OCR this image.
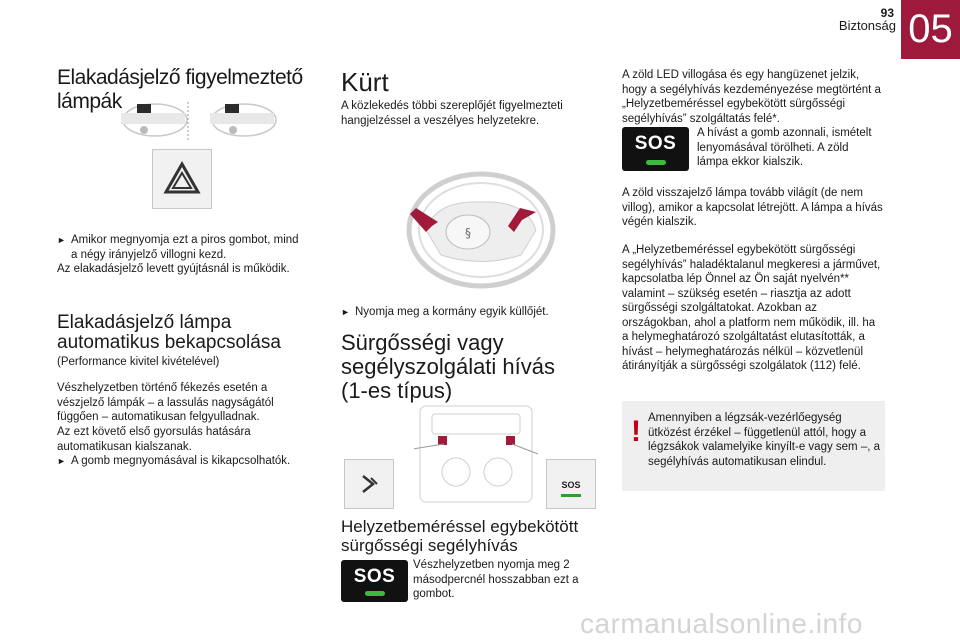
93
Biztonság 05
Elakadásjelző figyelmeztető lámpák
► Amikor megnyomja ezt a piros gombot, mind a négy irányjelző villogni kezd.

Az elakadásjelző levett gyújtásnál is működik.

Elakadásjelző lámpa automatikus bekapcsolása

(Performance kivitel kivételével)

Vészhelyzetben történő fékezés esetén a vészjelző lámpák – a lassulás nagyságától függően – automatikusan felgyulladnak.

Az ezt követő első gyorsulás hatására automatikusan kialszanak.

► A gomb megnyomásával is kikapcsolhatók.
Kürt

A közlekedés többi szereplőjét figyelmezteti hangjelzéssel a veszélyes helyzetekre.

§
► Nyomja meg a kormány egyik küllőjét.
Sürgősségi vagy segélyszolgálati hívás (1-es típus)
SOS
Helyzetbeméréssel egybekötött sürgősségi segélyhívás
SOS

Vészhelyzetben nyomja meg 2 másodpercnél hosszabban ezt a gombot.

A zöld LED villogása és egy hangüzenet jelzik, hogy a segélyhívás kezdeményezése megtörtént a „Helyzetbeméréssel egybekötött sürgősségi segélyhívás” szolgáltatás felé*.

SOS	A hívást a gomb azonnali, ismételt lenyomásával törölheti. A zöld lámpa ekkor kialszik.

A zöld visszajelző lámpa tovább világít (de nem villog), amikor a kapcsolat létrejött. A lámpa a hívás végén kialszik.

A „Helyzetbeméréssel egybekötött sürgősségi segélyhívás” haladéktalanul megkeresi a járművet, kapcsolatba lép Önnel az Ön saját nyelvén** valamint – szükség esetén – riasztja az adott sürgősségi szolgáltatokat. Azokban az országokban, ahol a platform nem működik, ill. ha a helymeghatározó szolgáltatást elutasították, a hívást – helymeghatározás nélkül – közvetlenül átirányítják a sürgősségi szolgálatok (112) felé.

! Amennyiben a légzsák-vezérlőegység ütközést érzékel – függetlenül attól, hogy a légzsákok valamelyike kinyílt-e vagy sem –, a segélyhívás automatikusan elindul.

carmanualsonline.info
